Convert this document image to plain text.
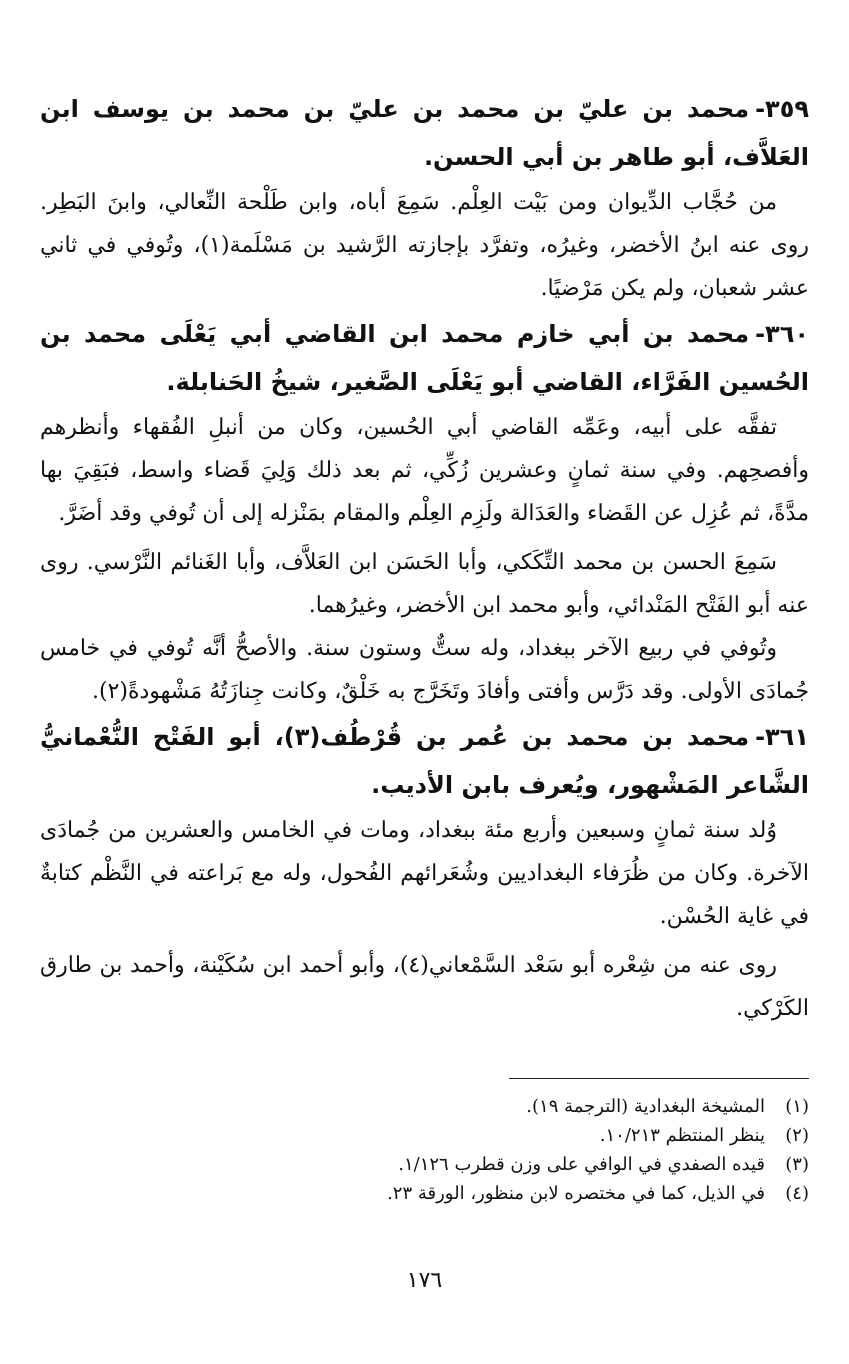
٣٥٩-محمد بن عليّ بن محمد بن عليّ بن محمد بن يوسف ابن العَلاَّف، أبو طاهر بن أبي الحسن.

من حُجَّاب الدِّيوان ومن بَيْت العِلْم. سَمِعَ أباه، وابن طَلْحة النِّعالي، وابنَ البَطِر. روى عنه ابنُ الأخضر، وغيرُه، وتفرَّد بإجازته الرَّشيد بن مَسْلَمة(١)، وتُوفي في ثاني عشر شعبان، ولم يكن مَرْضيًا.

٣٦٠-محمد بن أبي خازم محمد ابن القاضي أبي يَعْلَى محمد بن الحُسين الفَرَّاء، القاضي أبو يَعْلَى الصَّغير، شيخُ الحَنابلة.

تفقَّه على أبيه، وعَمِّه القاضي أبي الحُسين، وكان من أنبلِ الفُقهاء وأنظرهم وأفصحِهم. وفي سنة ثمانٍ وعشرين زُكِّي، ثم بعد ذلك وَلِيَ قَضاء واسط، فبَقِيَ بها مدَّةً، ثم عُزِل عن القَضاء والعَدَالة ولَزِم العِلْم والمقام بمَنْزله إلى أن تُوفي وقد أضَرَّ.

سَمِعَ الحسن بن محمد التِّكَكي، وأبا الحَسَن ابن العَلاَّف، وأبا الغَنائم النَّرْسي. روى عنه أبو الفَتْح المَنْدائي، وأبو محمد ابن الأخضر، وغيرُهما.

وتُوفي في ربيع الآخر ببغداد، وله ستٌّ وستون سنة. والأصحُّ أنَّه تُوفي في خامس جُمادَى الأولى. وقد دَرَّس وأفتى وأفادَ وتَخَرَّج به خَلْقٌ، وكانت جِنازَتُهُ مَشْهودةً(٢).

٣٦١-محمد بن محمد بن عُمر بن قُرْطُف(٣)، أبو الفَتْح النُّعْمانيُّ الشَّاعر المَشْهور، ويُعرف بابن الأديب.

وُلد سنة ثمانٍ وسبعين وأربع مئة ببغداد، ومات في الخامس والعشرين من جُمادَى الآخرة. وكان من ظُرَفاء البغداديين وشُعَرائهم الفُحول، وله مع بَراعته في النَّظْم كتابةٌ في غاية الحُسْن.

روى عنه من شِعْره أبو سَعْد السَّمْعاني(٤)، وأبو أحمد ابن سُكَيْنة، وأحمد بن طارق الكَرْكي.

(١)المشيخة البغدادية (الترجمة ١٩).

(٢)ينظر المنتظم ١٠/٢١٣.

(٣)قيده الصفدي في الوافي على وزن قطرب ١/١٢٦.

(٤)في الذيل، كما في مختصره لابن منظور، الورقة ٢٣.

١٧٦
